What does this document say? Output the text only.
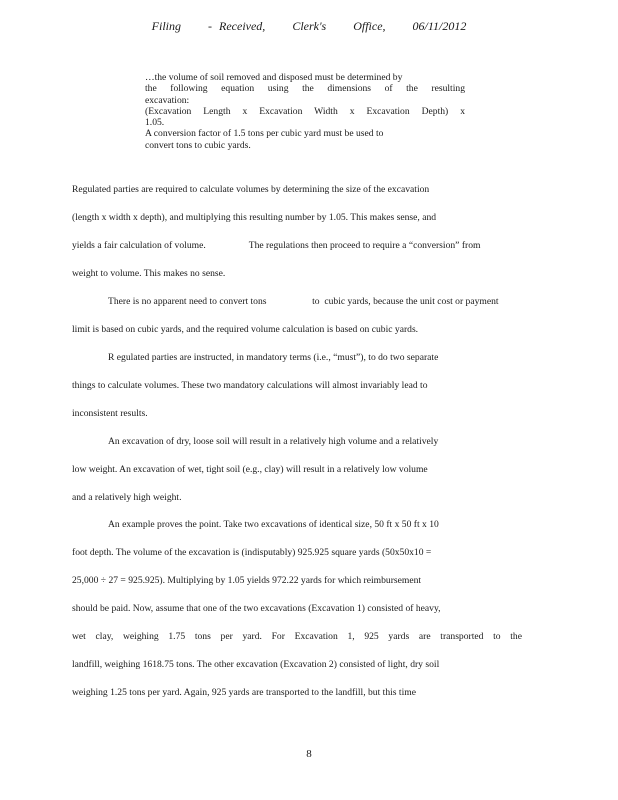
Filing - Received, Clerk's Office, 06/11/2012
…the volume of soil removed and disposed must be determined by
the following equation using the dimensions of the resulting
excavation:
(Excavation Length x Excavation Width x Excavation Depth) x
1.05.
A conversion factor of 1.5 tons per cubic yard must be used to
convert tons to cubic yards.
Regulated parties are required to calculate volumes by determining the size of the excavation
(length x width x depth), and multiplying this resulting number by 1.05. This makes sense, and
yields a fair calculation of volume.                  The regulations then proceed to require a “conversion” from
weight to volume. This makes no sense.
There is no apparent need to convert tons                   to  cubic yards, because the unit cost or payment
limit is based on cubic yards, and the required volume calculation is based on cubic yards.
R egulated parties are instructed, in mandatory terms (i.e., “must”), to do two separate
things to calculate volumes. These two mandatory calculations will almost invariably lead to
inconsistent results.
An excavation of dry, loose soil will result in a relatively high volume and a relatively
low weight. An excavation of wet, tight soil (e.g., clay) will result in a relatively low volume
and a relatively high weight.
An example proves the point. Take two excavations of identical size, 50 ft x 50 ft x 10
foot depth. The volume of the excavation is (indisputably) 925.925 square yards (50x50x10 =
25,000 ÷ 27 = 925.925). Multiplying by 1.05 yields 972.22 yards for which reimbursement
should be paid. Now, assume that one of the two excavations (Excavation 1) consisted of heavy,
wet clay, weighing 1.75 tons per yard. For Excavation 1, 925 yards are transported to the
landfill, weighing 1618.75 tons. The other excavation (Excavation 2) consisted of light, dry soil
weighing 1.25 tons per yard. Again, 925 yards are transported to the landfill, but this time
8
